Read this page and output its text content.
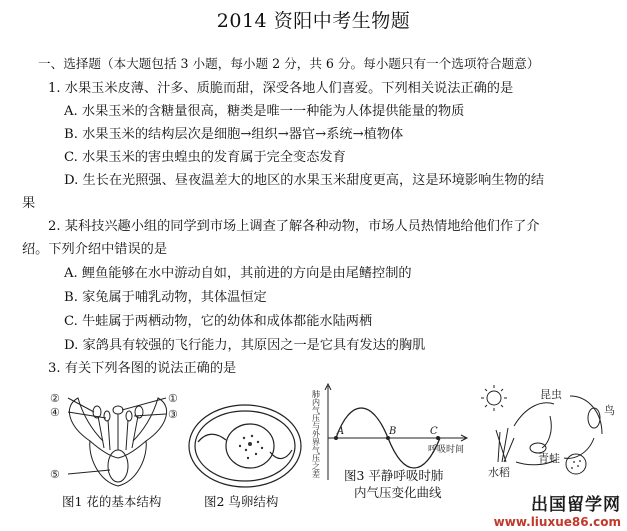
2014 资阳中考生物题
一、选择题（本大题包括 3 小题，每小题 2 分，共 6 分。每小题只有一个选项符合题意）
1. 水果玉米皮薄、汁多、质脆而甜，深受各地人们喜爱。下列相关说法正确的是
A. 水果玉米的含糖量很高，糖类是唯一一种能为人体提供能量的物质
B. 水果玉米的结构层次是细胞→组织→器官→系统→植物体
C. 水果玉米的害虫蝗虫的发育属于完全变态发育
D. 生长在光照强、昼夜温差大的地区的水果玉米甜度更高，这是环境影响生物的结
果
2. 某科技兴趣小组的同学到市场上调查了解各种动物，市场人员热情地给他们作了介
绍。下列介绍中错误的是
A. 鲤鱼能够在水中游动自如，其前进的方向是由尾鳍控制的
B. 家兔属于哺乳动物，其体温恒定
C. 牛蛙属于两栖动物，它的幼体和成体都能水陆两栖
D. 家鸽具有较强的飞行能力，其原因之一是它具有发达的胸肌
3. 有关下列各图的说法正确的是
②
④
⑤
①
③
图1 花的基本结构	图2 鸟卵结构
A	B	C
呼吸时间
肺内气压与外界气压之差 图3 平静呼吸时肺
内气压变化曲线
昆虫
鸟
青蛙
水稻
出国留学网
www.liuxue86.com
